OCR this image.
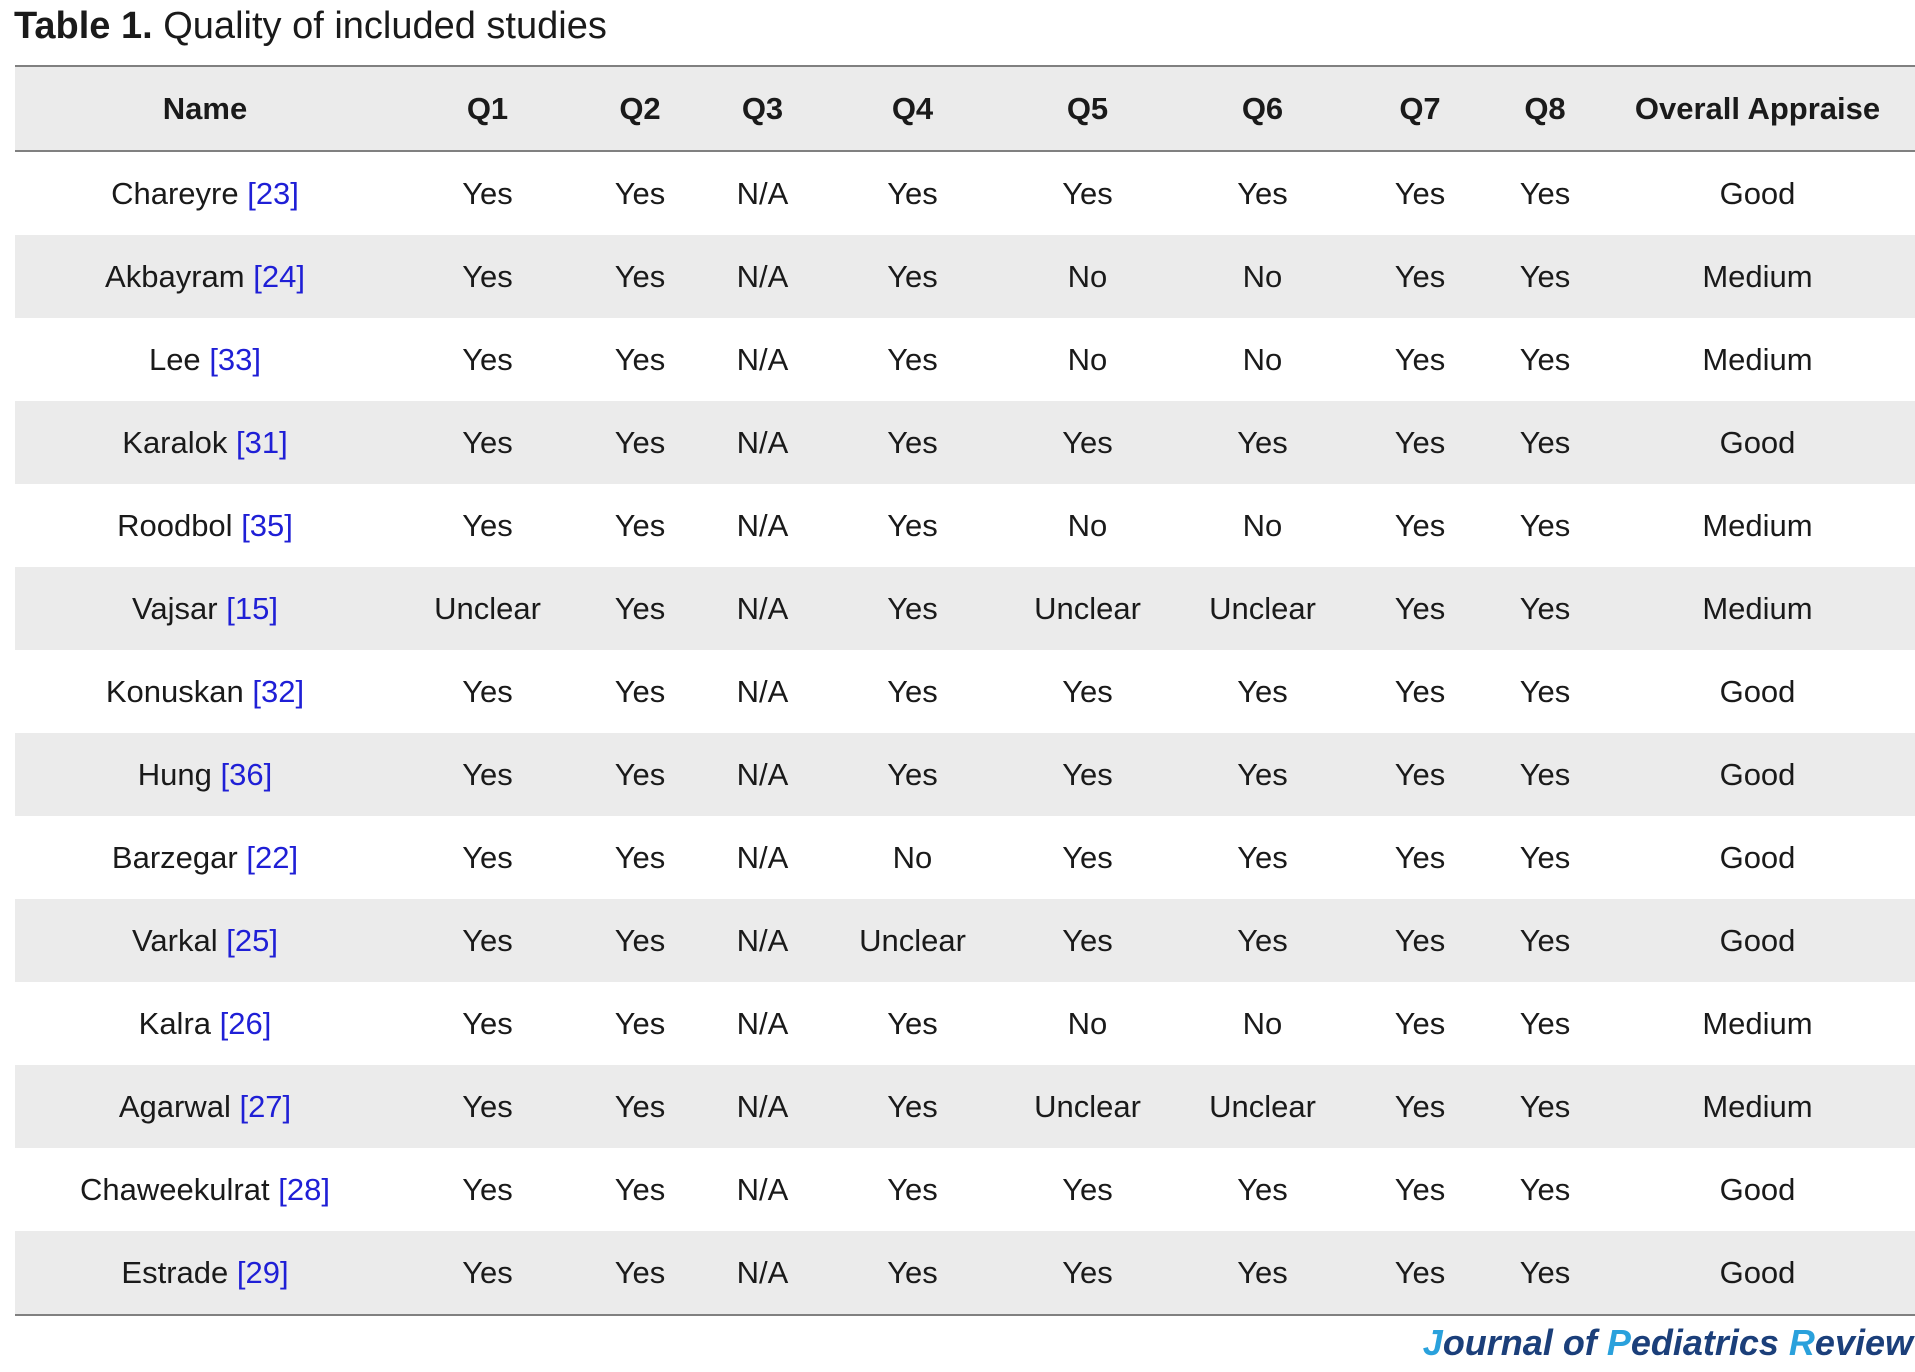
Table 1. Quality of included studies
Name	Q1	Q2	Q3	Q4	Q5	Q6	Q7	Q8	Overall Appraise
Chareyre [23]	Yes	Yes	N/A	Yes	Yes	Yes	Yes	Yes	Good
Akbayram [24]	Yes	Yes	N/A	Yes	No	No	Yes	Yes	Medium
Lee [33]	Yes	Yes	N/A	Yes	No	No	Yes	Yes	Medium
Karalok [31]	Yes	Yes	N/A	Yes	Yes	Yes	Yes	Yes	Good
Roodbol [35]	Yes	Yes	N/A	Yes	No	No	Yes	Yes	Medium
Vajsar [15]	Unclear	Yes	N/A	Yes	Unclear	Unclear	Yes	Yes	Medium
Konuskan [32]	Yes	Yes	N/A	Yes	Yes	Yes	Yes	Yes	Good
Hung [36]	Yes	Yes	N/A	Yes	Yes	Yes	Yes	Yes	Good
Barzegar [22]	Yes	Yes	N/A	No	Yes	Yes	Yes	Yes	Good
Varkal [25]	Yes	Yes	N/A	Unclear	Yes	Yes	Yes	Yes	Good
Kalra [26]	Yes	Yes	N/A	Yes	No	No	Yes	Yes	Medium
Agarwal [27]	Yes	Yes	N/A	Yes	Unclear	Unclear	Yes	Yes	Medium
Chaweekulrat [28]	Yes	Yes	N/A	Yes	Yes	Yes	Yes	Yes	Good
Estrade [29]	Yes	Yes	N/A	Yes	Yes	Yes	Yes	Yes	Good
Journal of Pediatrics Review
